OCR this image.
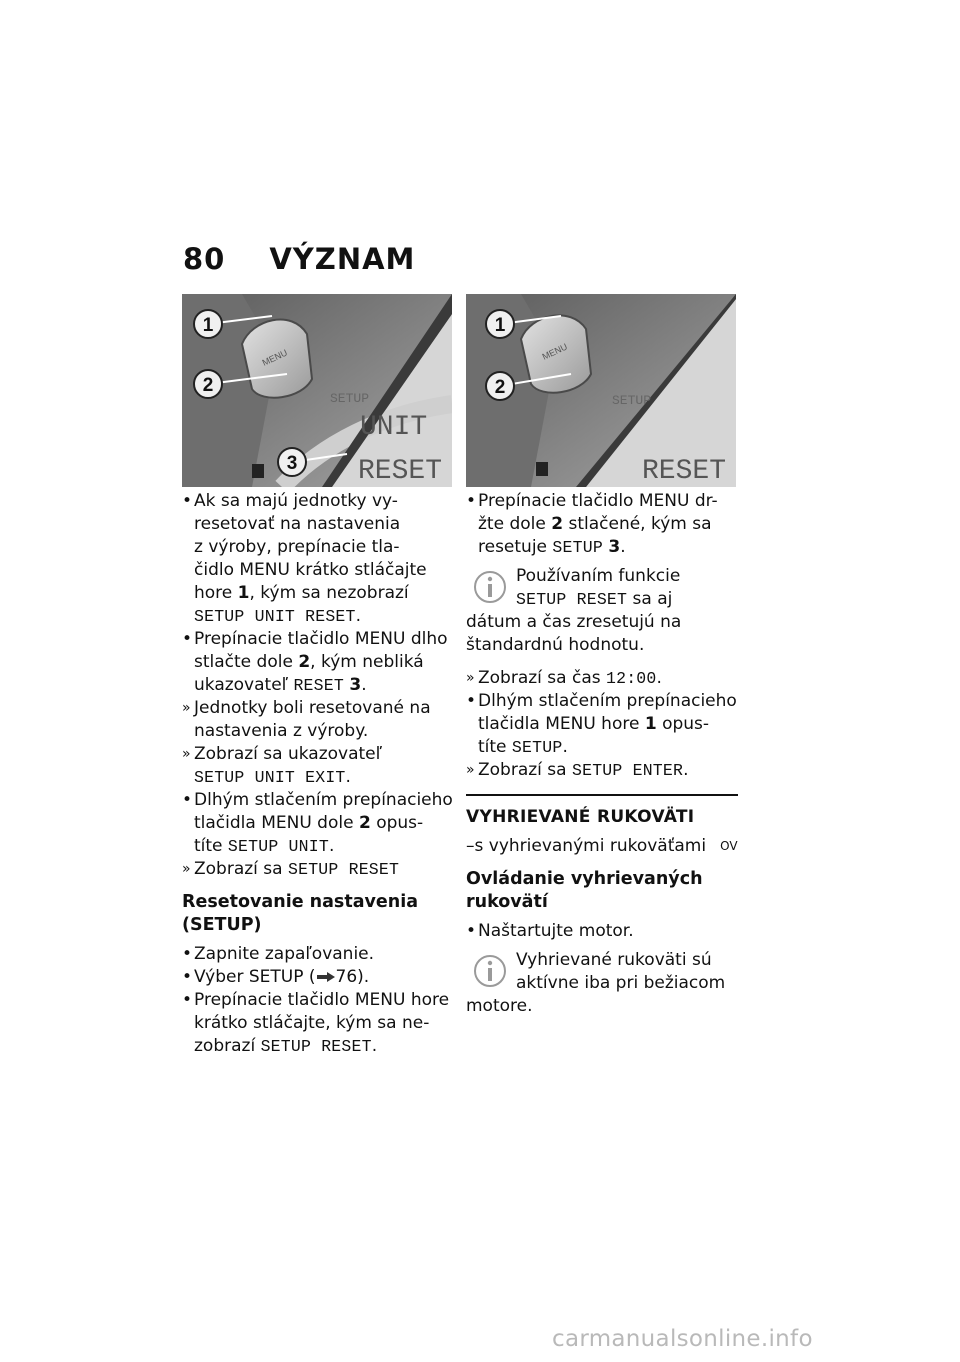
80 VÝZNAM
MENU
SETUP
UNIT
RESET
1
2
3
MENU
SETUP
RESET
1
2
• Ak sa majú jednotky vy-
resetovať na nastavenia
z výroby, prepínacie tla-
čidlo MENU krátko stláčajte
hore 1, kým sa nezobrazí
SETUP UNIT RESET.
• Prepínacie tlačidlo MENU dlho
stlačte dole 2, kým nebliká
ukazovateľ RESET 3.
» Jednotky boli resetované na
nastavenia z výroby.
» Zobrazí sa ukazovateľ
SETUP UNIT EXIT.
• Dlhým stlačením prepínacieho
tlačidla MENU dole 2 opus-
títe SETUP UNIT.
» Zobrazí sa SETUP RESET
Resetovanie nastavenia (SETUP)
• Zapnite zapaľovanie.
• Výber SETUP ( 76).
• Prepínacie tlačidlo MENU hore
krátko stláčajte, kým sa ne-
zobrazí SETUP RESET.
• Prepínacie tlačidlo MENU dr-
žte dole 2 stlačené, kým sa
resetuje SETUP 3.
Používaním funkcie
SETUP RESET sa aj
dátum a čas zresetujú na
štandardnú hodnotu.
» Zobrazí sa čas 12:00.
• Dlhým stlačením prepínacieho
tlačidla MENU hore 1 opus-
títe SETUP.
» Zobrazí sa SETUP ENTER.
VYHRIEVANÉ RUKOVÄTI
–s vyhrievanými rukoväťami $^{OV}$
Ovládanie vyhrievaných rukovätí
• Naštartujte motor.
Vyhrievané rukoväti sú
aktívne iba pri bežiacom
motore.
carmanualsonline.info
